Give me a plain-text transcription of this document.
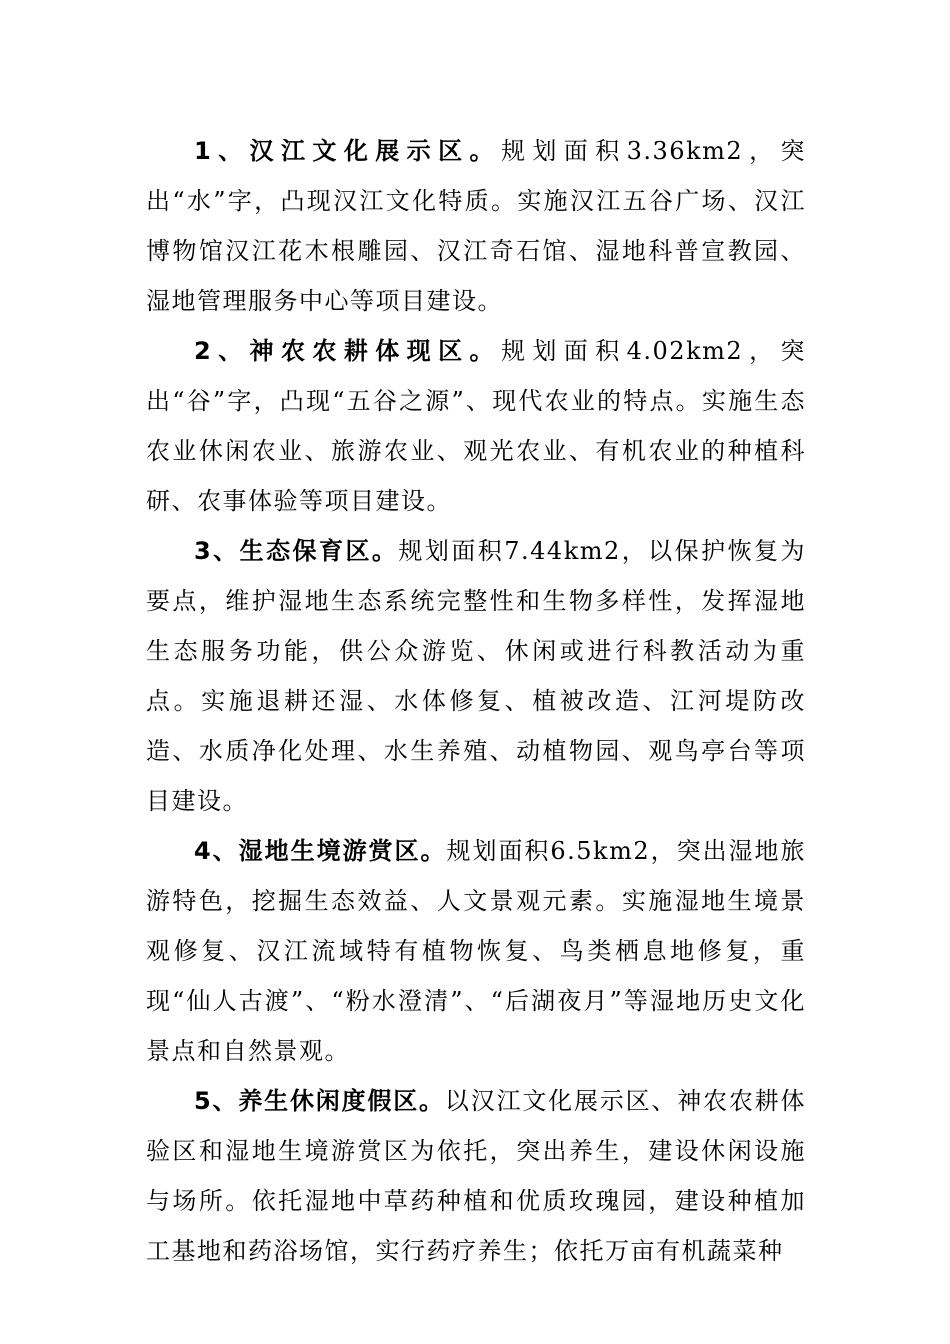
1、汉江文化展示区。规划面积3.36km2，突出“水”字，凸现汉江文化特质。实施汉江五谷广场、汉江博物馆汉江花木根雕园、汉江奇石馆、湿地科普宣教园、湿地管理服务中心等项目建设。

2、神农农耕体现区。规划面积4.02km2，突出“谷”字，凸现“五谷之源”、现代农业的特点。实施生态农业休闲农业、旅游农业、观光农业、有机农业的种植科研、农事体验等项目建设。

3、生态保育区。规划面积7.44km2，以保护恢复为要点，维护湿地生态系统完整性和生物多样性，发挥湿地生态服务功能，供公众游览、休闲或进行科教活动为重点。实施退耕还湿、水体修复、植被改造、江河堤防改造、水质净化处理、水生养殖、动植物园、观鸟亭台等项目建设。

4、湿地生境游赏区。规划面积6.5km2，突出湿地旅游特色，挖掘生态效益、人文景观元素。实施湿地生境景观修复、汉江流域特有植物恢复、鸟类栖息地修复，重现“仙人古渡”、“粉水澄清”、“后湖夜月”等湿地历史文化景点和自然景观。

5、养生休闲度假区。以汉江文化展示区、神农农耕体验区和湿地生境游赏区为依托，突出养生，建设休闲设施与场所。依托湿地中草药种植和优质玫瑰园，建设种植加工基地和药浴场馆，实行药疗养生；依托万亩有机蔬菜种
